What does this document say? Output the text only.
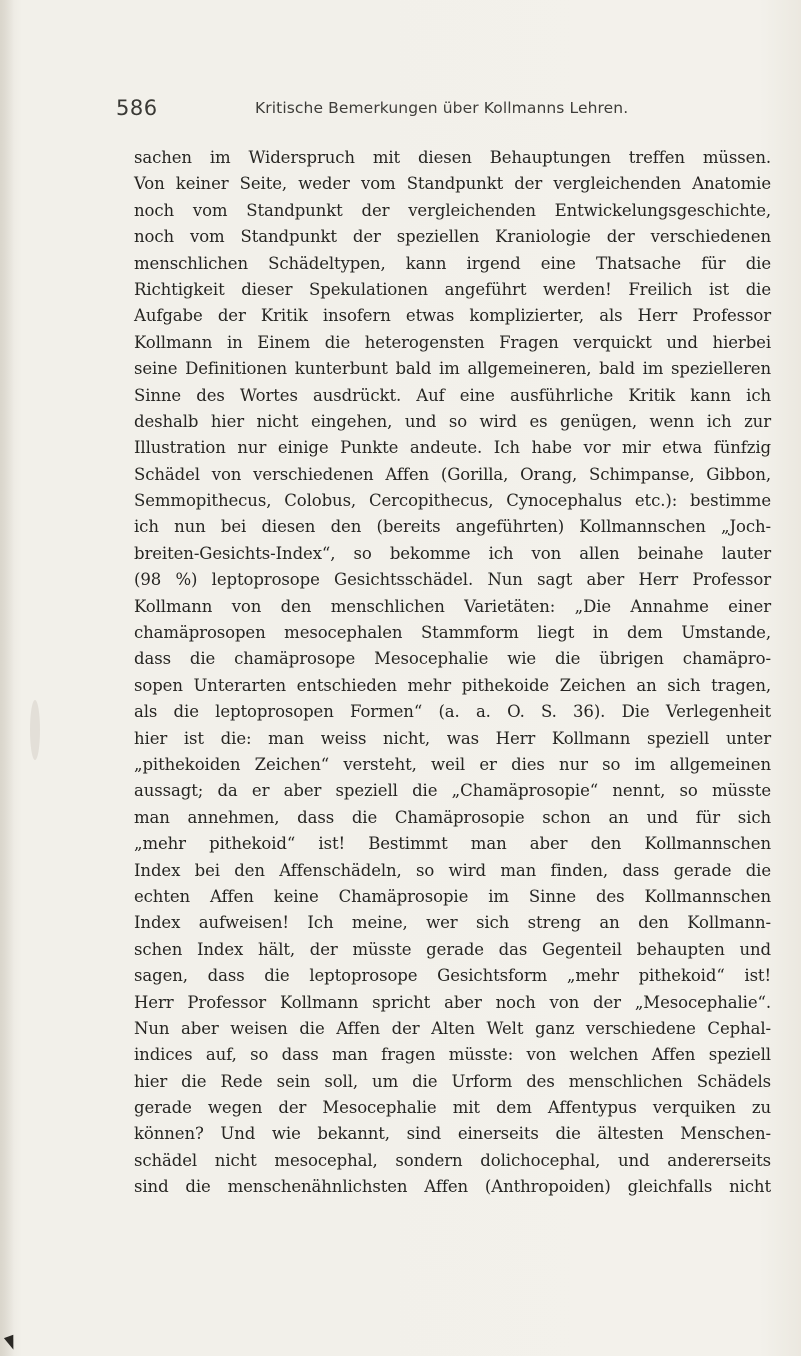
586	Kritische Bemerkungen über Kollmanns Lehren.
sachen im Widerspruch mit diesen Behauptungen treffen müssen.
Von keiner Seite, weder vom Standpunkt der vergleichenden Anatomie
noch vom Standpunkt der vergleichenden Entwickelungsgeschichte,
noch vom Standpunkt der speziellen Kraniologie der verschiedenen
menschlichen Schädeltypen, kann irgend eine Thatsache für die
Richtigkeit dieser Spekulationen angeführt werden! Freilich ist die
Aufgabe der Kritik insofern etwas komplizierter, als Herr Professor
Kollmann in Einem die heterogensten Fragen verquickt und hierbei
seine Definitionen kunterbunt bald im allgemeineren, bald im spezielleren
Sinne des Wortes ausdrückt. Auf eine ausführliche Kritik kann ich
deshalb hier nicht eingehen, und so wird es genügen, wenn ich zur
Illustration nur einige Punkte andeute. Ich habe vor mir etwa fünfzig
Schädel von verschiedenen Affen (Gorilla, Orang, Schimpanse, Gibbon,
Semmopithecus, Colobus, Cercopithecus, Cynocephalus etc.): bestimme
ich nun bei diesen den (bereits angeführten) Kollmannschen „Joch-
breiten-Gesichts-Index“, so bekomme ich von allen beinahe lauter
(98 %) leptoprosope Gesichtsschädel. Nun sagt aber Herr Professor
Kollmann von den menschlichen Varietäten: „Die Annahme einer
chamäprosopen mesocephalen Stammform liegt in dem Umstande,
dass die chamäprosope Mesocephalie wie die übrigen chamäpro-
sopen Unterarten entschieden mehr pithekoide Zeichen an sich tragen,
als die leptoprosopen Formen“ (a. a. O. S. 36). Die Verlegenheit
hier ist die: man weiss nicht, was Herr Kollmann speziell unter
„pithekoiden Zeichen“ versteht, weil er dies nur so im allgemeinen
aussagt; da er aber speziell die „Chamäprosopie“ nennt, so müsste
man annehmen, dass die Chamäprosopie schon an und für sich
„mehr pithekoid“ ist! Bestimmt man aber den Kollmannschen
Index bei den Affenschädeln, so wird man finden, dass gerade die
echten Affen keine Chamäprosopie im Sinne des Kollmannschen
Index aufweisen! Ich meine, wer sich streng an den Kollmann-
schen Index hält, der müsste gerade das Gegenteil behaupten und
sagen, dass die leptoprosope Gesichtsform „mehr pithekoid“ ist!
Herr Professor Kollmann spricht aber noch von der „Mesocephalie“.
Nun aber weisen die Affen der Alten Welt ganz verschiedene Cephal-
indices auf, so dass man fragen müsste: von welchen Affen speziell
hier die Rede sein soll, um die Urform des menschlichen Schädels
gerade wegen der Mesocephalie mit dem Affentypus verquiken zu
können? Und wie bekannt, sind einerseits die ältesten Menschen-
schädel nicht mesocephal, sondern dolichocephal, und andererseits
sind die menschenähnlichsten Affen (Anthropoiden) gleichfalls nicht
